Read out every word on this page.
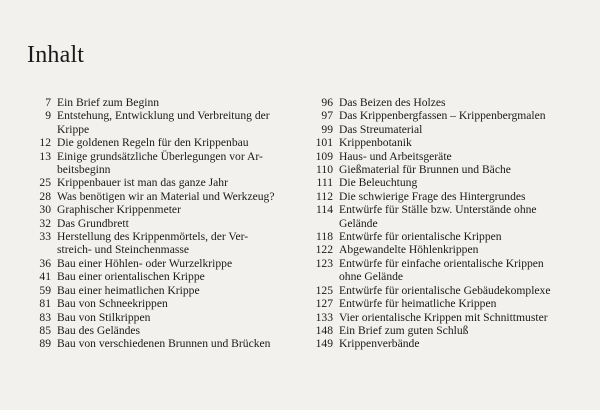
Inhalt
7 Ein Brief zum Beginn
9 Entstehung, Entwicklung und Verbreitung der
Krippe
12 Die goldenen Regeln für den Krippenbau
13 Einige grundsätzliche Überlegungen vor Ar-
beitsbeginn
25 Krippenbauer ist man das ganze Jahr
28 Was benötigen wir an Material und Werkzeug?
30 Graphischer Krippenmeter
32 Das Grundbrett
33 Herstellung des Krippenmörtels, der Ver-
streich- und Steinchenmasse
36 Bau einer Höhlen- oder Wurzelkrippe
41 Bau einer orientalischen Krippe
59 Bau einer heimatlichen Krippe
81 Bau von Schneekrippen
83 Bau von Stilkrippen
85 Bau des Geländes
89 Bau von verschiedenen Brunnen und Brücken
96 Das Beizen des Holzes
97 Das Krippenbergfassen – Krippenbergmalen
99 Das Streumaterial
101 Krippenbotanik
109 Haus- und Arbeitsgeräte
110 Gießmaterial für Brunnen und Bäche
111 Die Beleuchtung
112 Die schwierige Frage des Hintergrundes
114 Entwürfe für Ställe bzw. Unterstände ohne
Gelände
118 Entwürfe für orientalische Krippen
122 Abgewandelte Höhlenkrippen
123 Entwürfe für einfache orientalische Krippen
ohne Gelände
125 Entwürfe für orientalische Gebäudekomplexe
127 Entwürfe für heimatliche Krippen
133 Vier orientalische Krippen mit Schnittmuster
148 Ein Brief zum guten Schluß
149 Krippenverbände
